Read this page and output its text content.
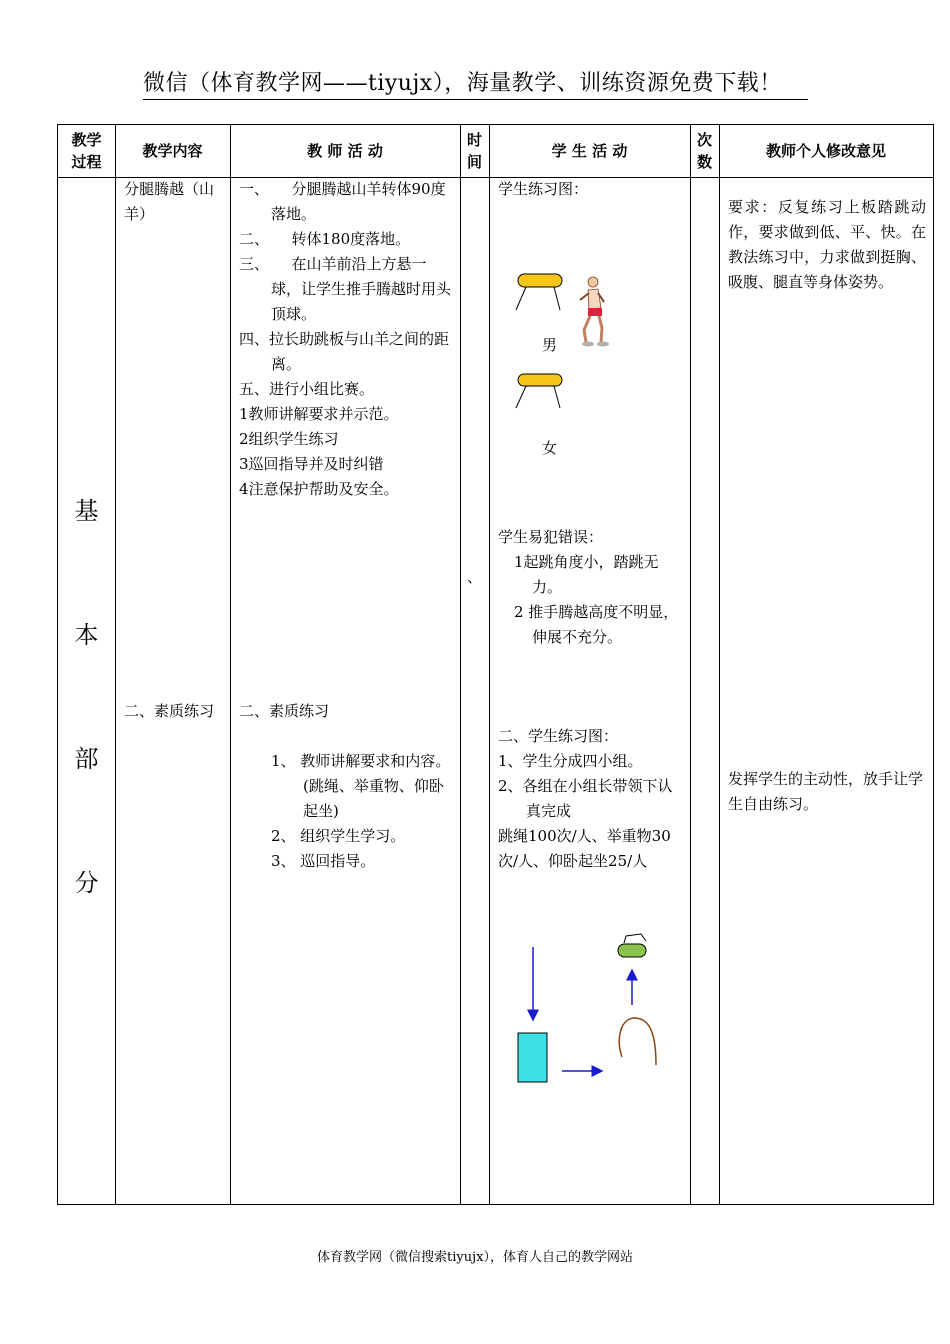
微信（体育教学网——tiyujx），海量教学、训练资源免费下载！
教学过程
教学内容	教 师 活 动
时间
学 生 活 动
次数
教师个人修改意见
基
本
部
分
分腿腾越（山羊）
二、素质练习
一、　　分腿腾越山羊转体90度落地。
二、　　转体180度落地。
三、　　在山羊前沿上方悬一球，让学生推手腾越时用头顶球。
四、拉长助跳板与山羊之间的距离。
五、进行小组比赛。
1教师讲解要求并示范。
2组织学生练习
3巡回指导并及时纠错
4注意保护帮助及安全。
二、素质练习
1、 教师讲解要求和内容。(跳绳、举重物、仰卧起坐)
2、 组织学生学习。
3、 巡回指导。
、
学生练习图：
男
女
学生易犯错误：
1起跳角度小，踏跳无力。
2 推手腾越高度不明显，伸展不充分。
二、学生练习图：
1、学生分成四小组。
2、各组在小组长带领下认真完成
跳绳100次/人、举重物30次/人、仰卧起坐25/人
要求：反复练习上板踏跳动作，要求做到低、平、快。在教法练习中，力求做到挺胸、吸腹、腿直等身体姿势。
发挥学生的主动性，放手让学生自由练习。
体育教学网（微信搜索tiyujx），体育人自己的教学网站
